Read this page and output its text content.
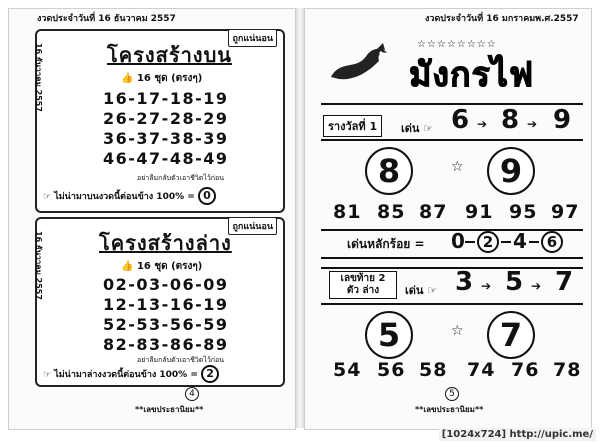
งวดประจำวันที่ 16 ธันวาคม 2557
ถูกแน่นอน
16 ธันวาคม 2557	โครงสร้างบน
👍 16 ชุด (ตรงๆ)
16-17-18-19
26-27-28-29
36-37-38-39
46-47-48-49
อย่าลืมกลับตัวเอาชีวิตไว้ก่อน
☞ ไม่น่ามาบนงวดนี้ต่อนข้าง 100% = 0
ถูกแน่นอน
16 ธันวาคม 2557	โครงสร้างล่าง
👍 16 ชุด (ตรงๆ)
02-03-06-09
12-13-16-19
52-53-56-59
82-83-86-89
อย่าลืมกลับตัวเอาชีวิตไว้ก่อน
☞ ไม่น่ามาล่างงวดนี้ต่อนข้าง 100% = 2
4
**เลขประธานิยม**
งวดประจำวันที่ 16 มกราคมพ.ศ.2557
☆☆☆☆☆☆☆☆
มังกรไฟ
รางวัลที่ 1	เด่น ☞ 6 ➔ 8 ➔ 9
8	☆	9
81 85 87 91 95 97
เด่นหลักร้อย = 0	2 4	6
เลขท้าย 2 ตัว ล่าง	เด่น ☞ 3 ➔ 5 ➔ 7
5	☆	7
54 56 58 74 76 78
5
**เลขประธานิยม**
[1024x724] http://upic.me/
